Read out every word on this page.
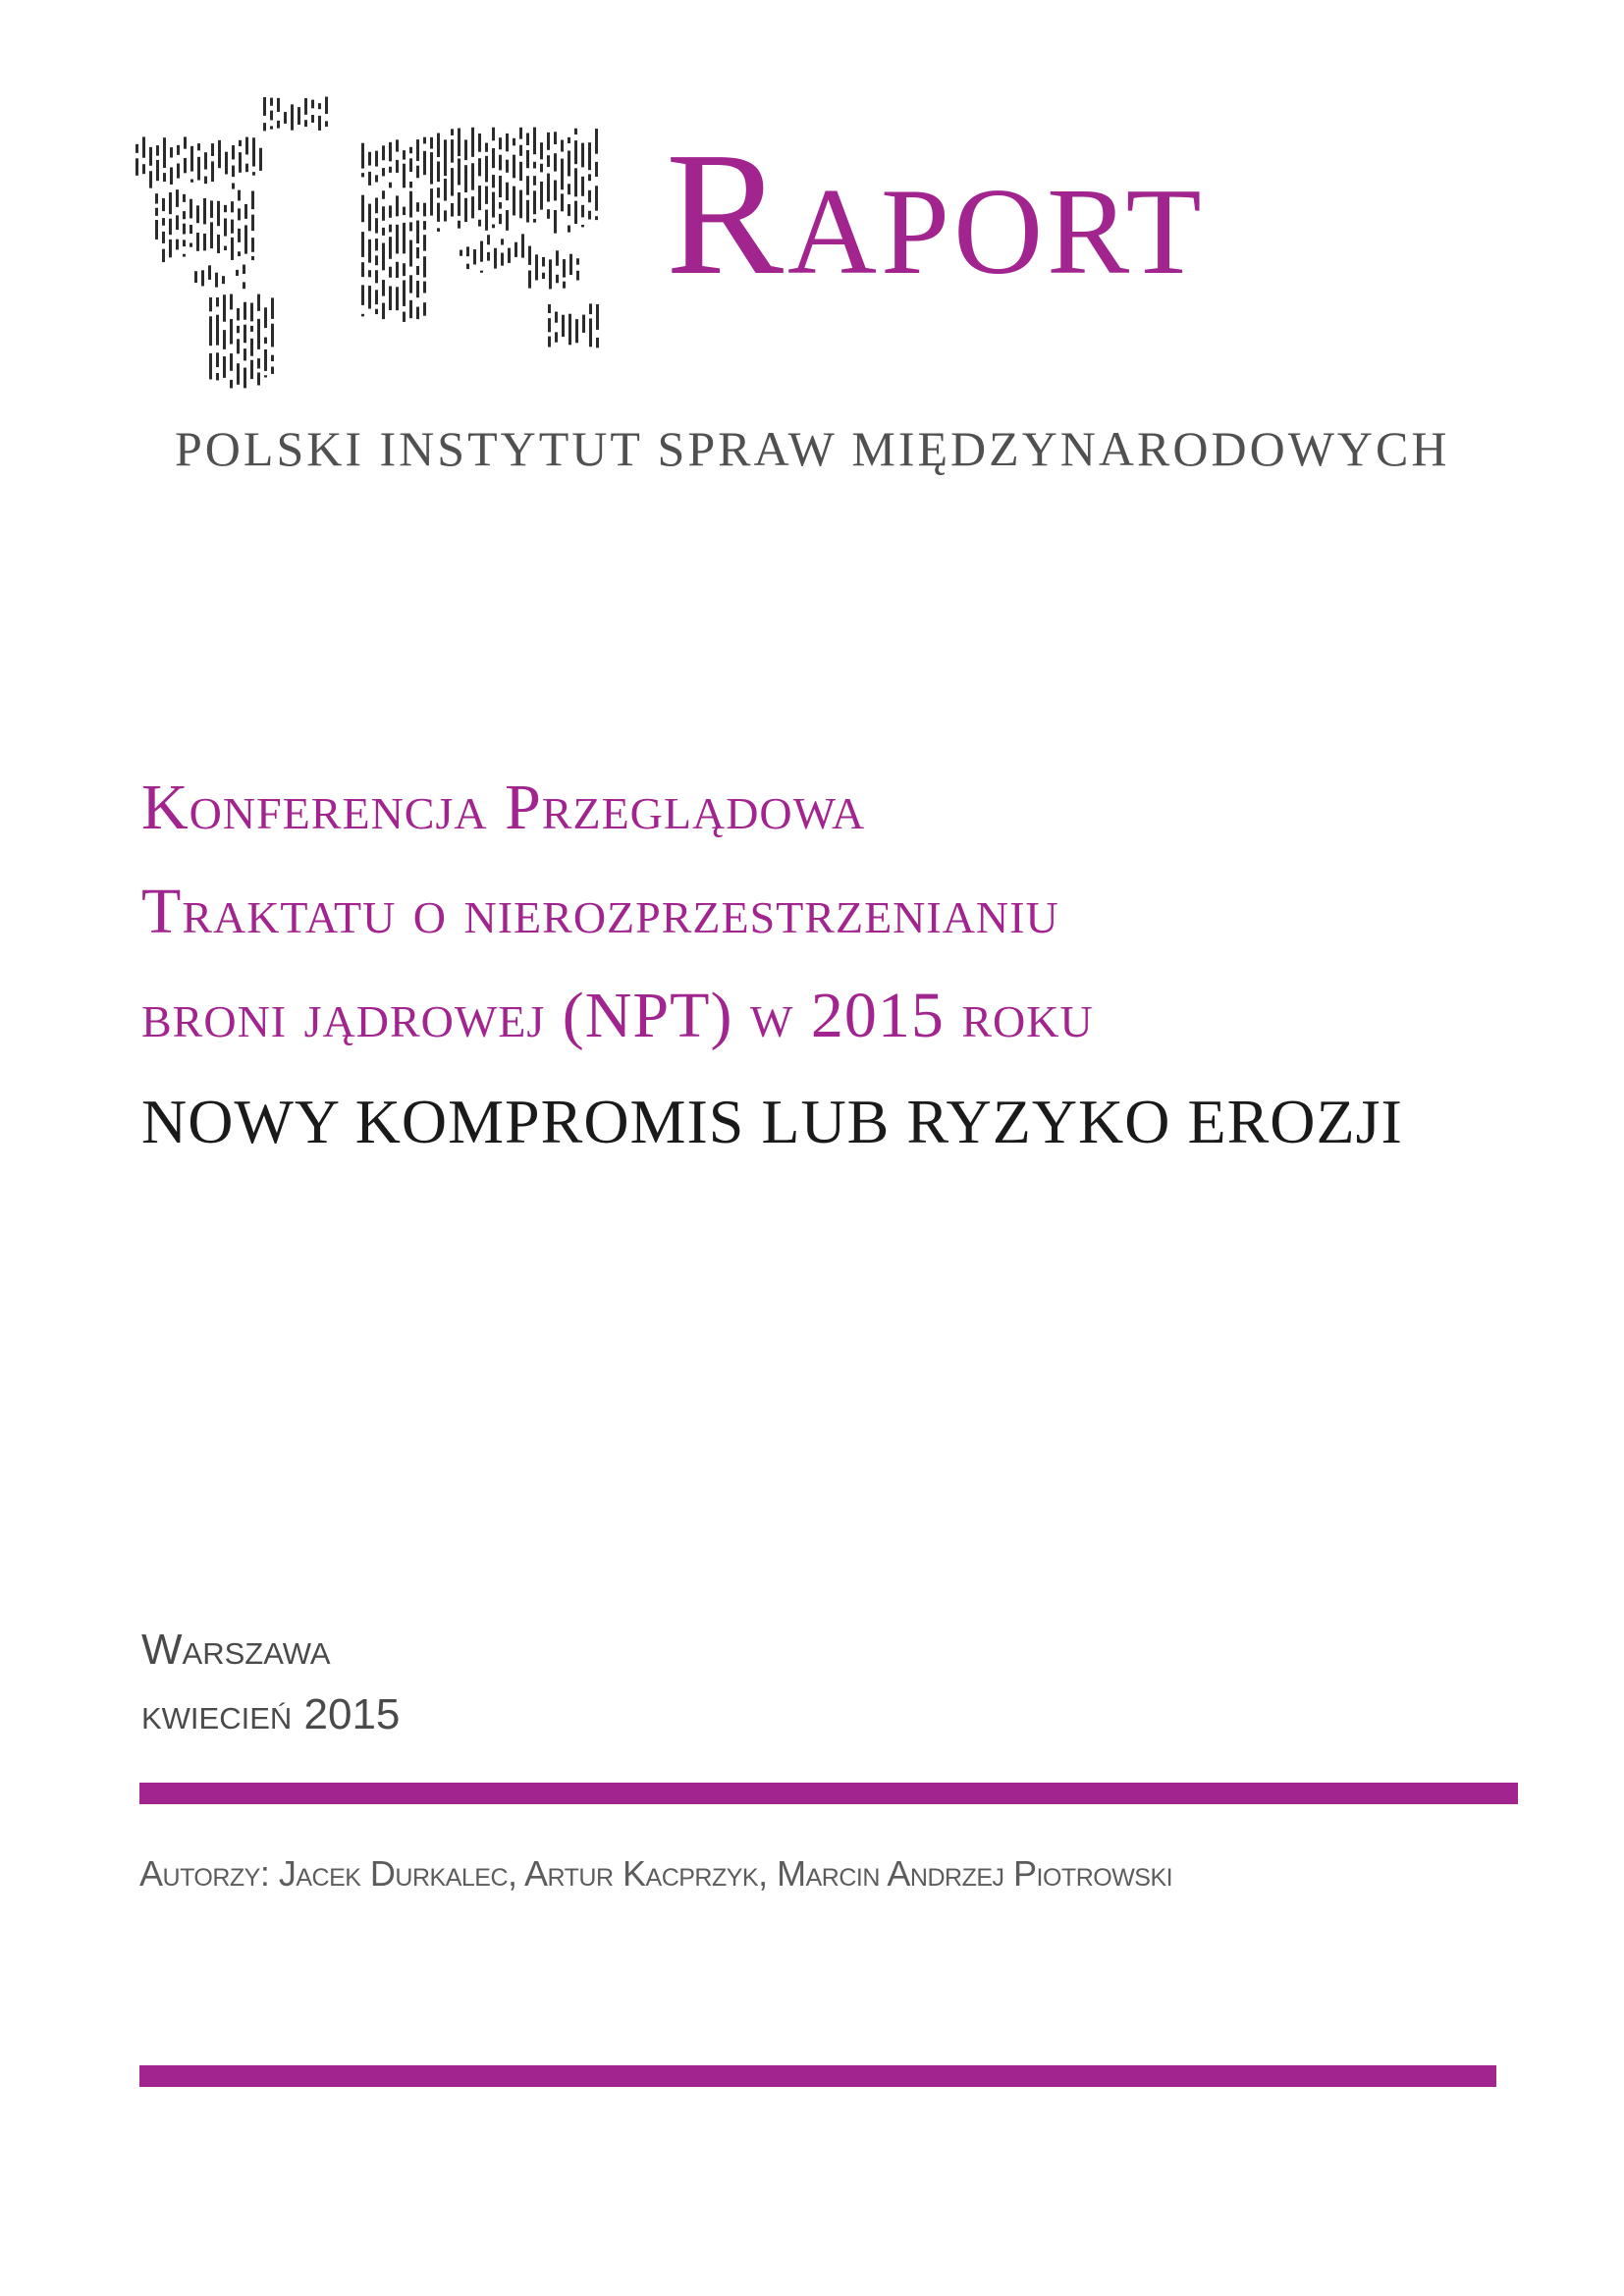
Raport
POLSKI INSTYTUT SPRAW MIĘDZYNARODOWYCH
Konferencja Przeglądowa
Traktatu o nierozprzestrzenianiu
broni jądrowej (NPT) w 2015 roku
NOWY KOMPROMIS LUB RYZYKO EROZJI
Warszawa
kwiecień 2015
Autorzy: Jacek Durkalec, Artur Kacprzyk, Marcin Andrzej Piotrowski
